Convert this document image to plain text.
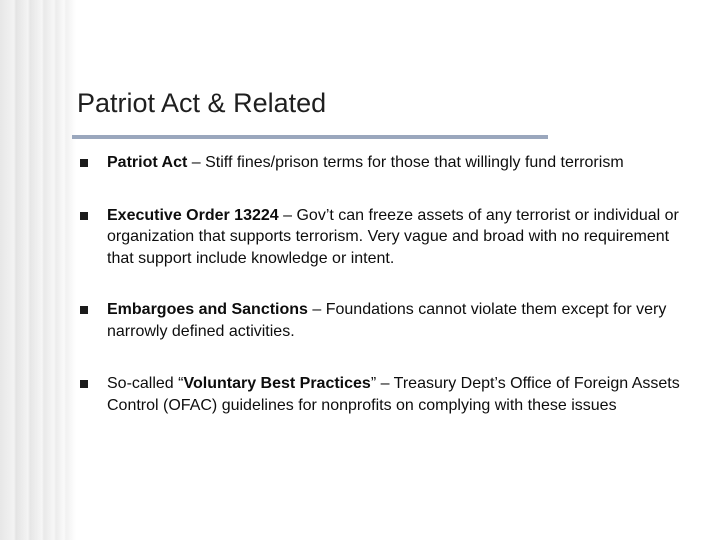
Patriot Act & Related
Patriot Act – Stiff fines/prison terms for those that willingly fund terrorism
Executive Order 13224 – Gov’t can freeze assets of any terrorist or individual or organization that supports terrorism. Very vague and broad with no requirement that support include knowledge or intent.
Embargoes and Sanctions – Foundations cannot violate them except for very narrowly defined activities.
So-called “Voluntary Best Practices” – Treasury Dept’s Office of Foreign Assets Control (OFAC) guidelines for nonprofits on complying with these issues
